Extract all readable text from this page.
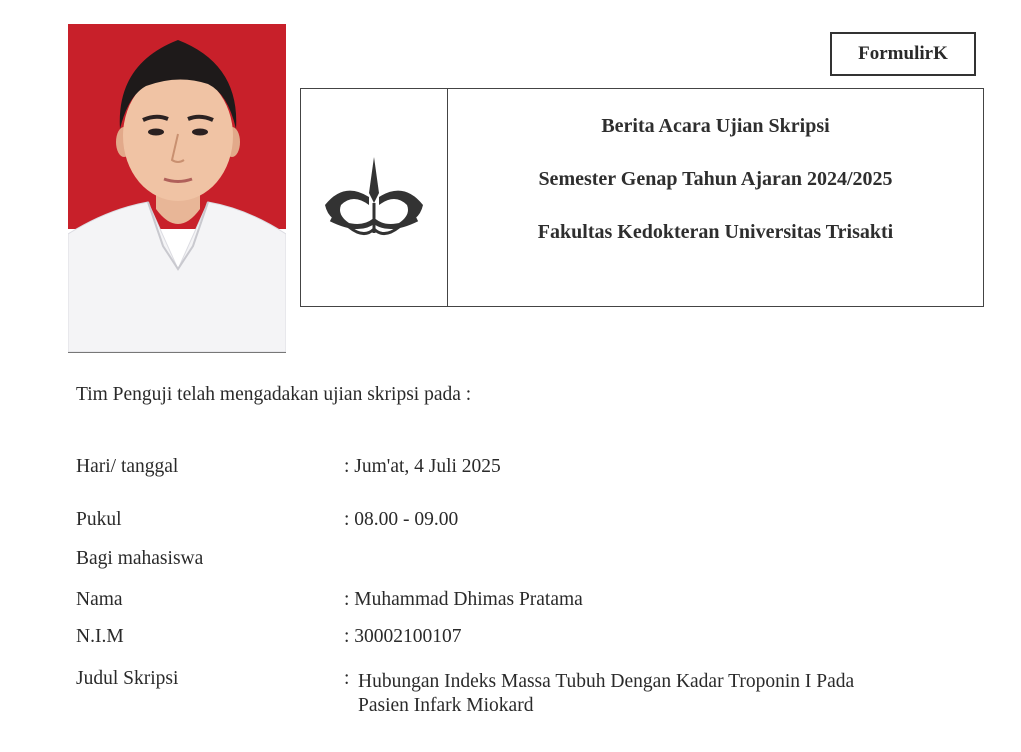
FormulirK
Berita Acara Ujian Skripsi
Semester Genap Tahun Ajaran 2024/2025
Fakultas Kedokteran Universitas Trisakti
Tim Penguji telah mengadakan ujian skripsi pada :
Hari/ tanggal	: Jum'at, 4 Juli 2025
Pukul	: 08.00 - 09.00
Bagi mahasiswa
Nama	: Muhammad Dhimas Pratama
N.I.M	: 30002100107
Judul Skripsi	: Hubungan Indeks Massa Tubuh Dengan Kadar Troponin I Pada
Pasien Infark Miokard
